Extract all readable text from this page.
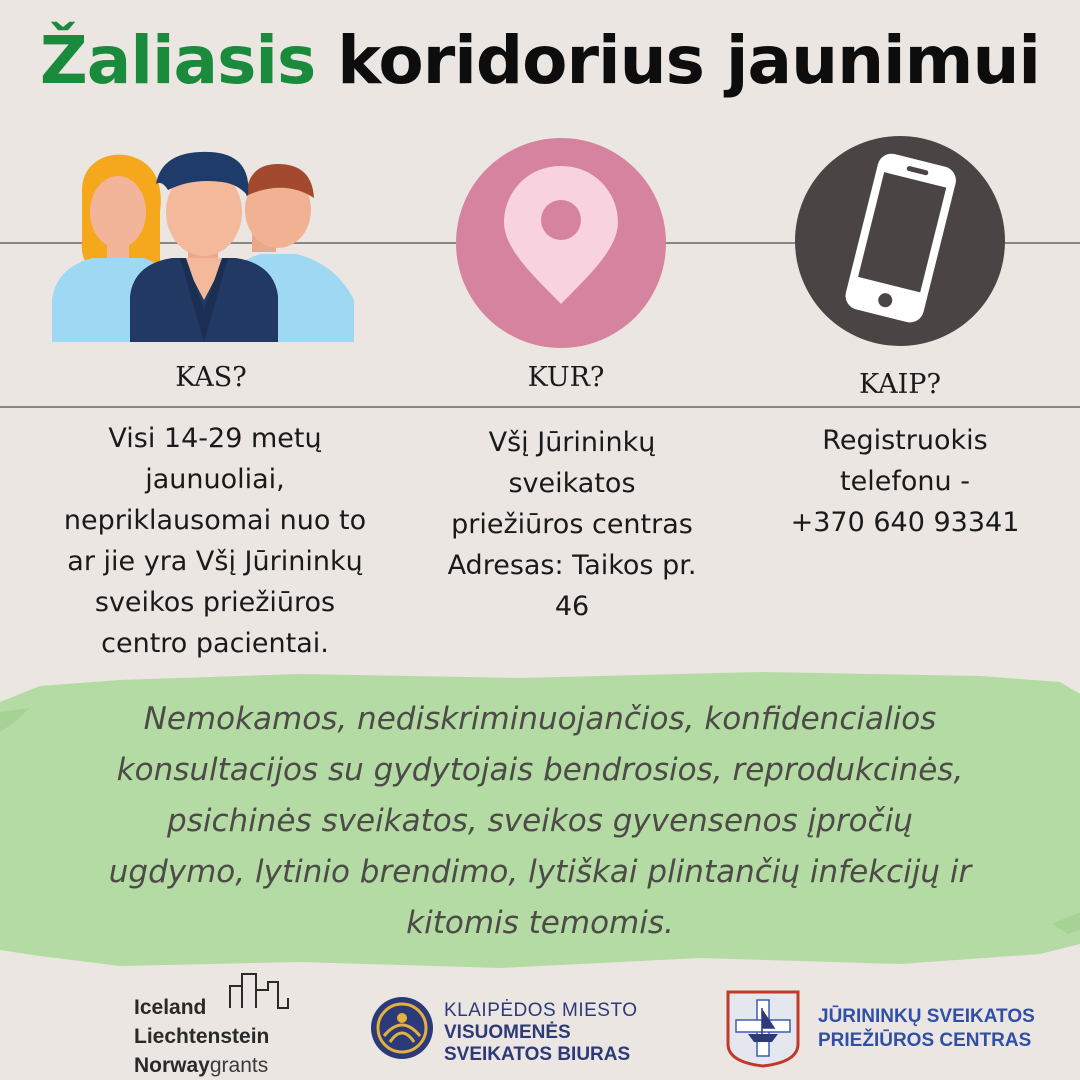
Žaliasis koridorius jaunimui
KAS?	KUR?	KAIP?
Visi 14-29 metų
jaunuoliai,
nepriklausomai nuo to
ar jie yra Všį Jūrininkų
sveikos priežiūros
centro pacientai.
Všį Jūrininkų
sveikatos
priežiūros centras
Adresas: Taikos pr.
46
Registruokis
telefonu -
+370 640 93341
Nemokamos, nediskriminuojančios, konfidencialios
konsultacijos su gydytojais bendrosios, reprodukcinės,
psichinės sveikatos, sveikos gyvensenos įpročių
ugdymo, lytinio brendimo, lytiškai plintančių infekcijų ir
kitomis temomis.
Iceland
Liechtenstein
Norwaygrants
KLAIPĖDOS MIESTO
VISUOMENĖS
SVEIKATOS BIURAS
JŪRININKŲ SVEIKATOS
PRIEŽIŪROS CENTRAS
